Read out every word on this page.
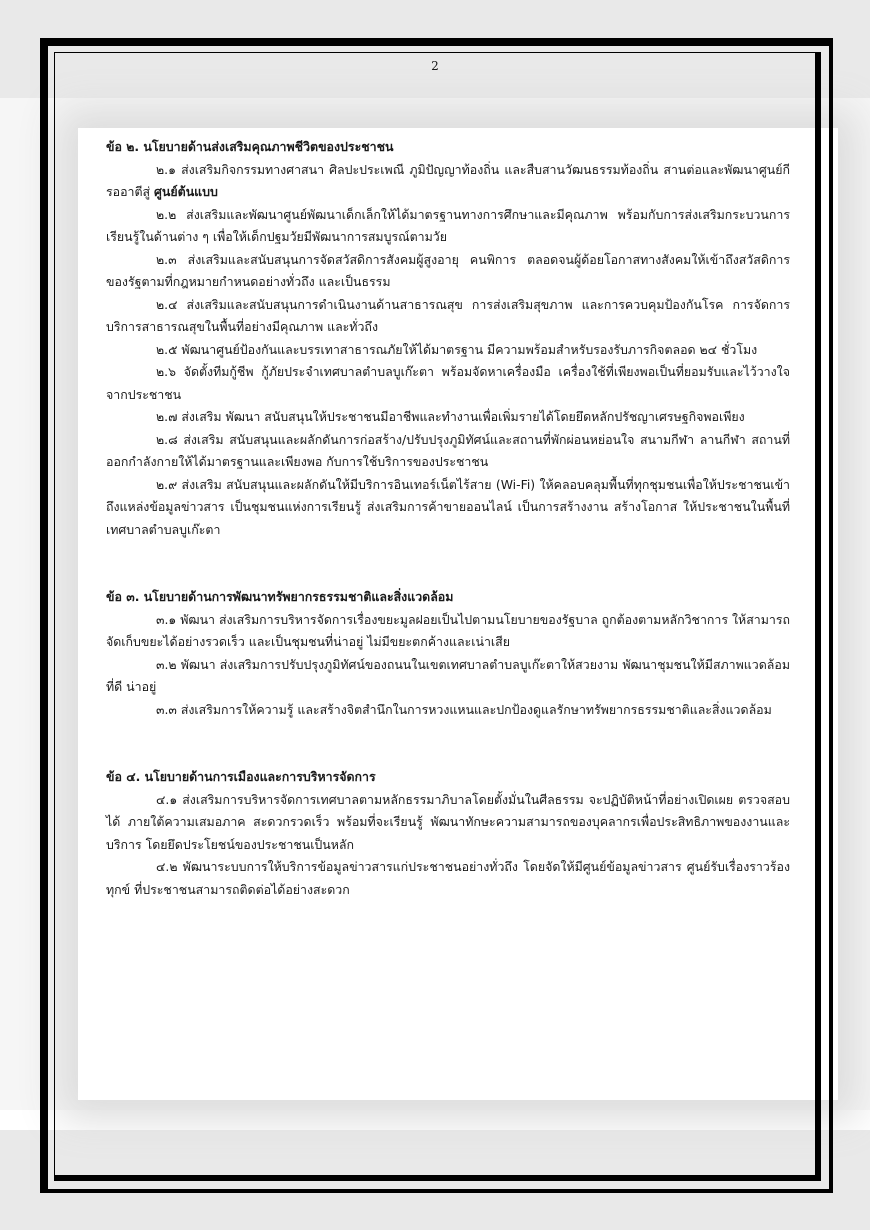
2

ข้อ ๒. นโยบายด้านส่งเสริมคุณภาพชีวิตของประชาชน

๒.๑ ส่งเสริมกิจกรรมทางศาสนา ศิลปะประเพณี ภูมิปัญญาท้องถิ่น และสืบสานวัฒนธรรมท้องถิ่น สานต่อและพัฒนาศูนย์กีรออาตีสู่ ศูนย์ต้นแบบ

๒.๒ ส่งเสริมและพัฒนาศูนย์พัฒนาเด็กเล็กให้ได้มาตรฐานทางการศึกษาและมีคุณภาพ พร้อมกับการส่งเสริมกระบวนการเรียนรู้ในด้านต่าง ๆ เพื่อให้เด็กปฐมวัยมีพัฒนาการสมบูรณ์ตามวัย

๒.๓ ส่งเสริมและสนับสนุนการจัดสวัสดิการสังคมผู้สูงอายุ คนพิการ ตลอดจนผู้ด้อยโอกาสทางสังคมให้เข้าถึงสวัสดิการของรัฐตามที่กฎหมายกำหนดอย่างทั่วถึง และเป็นธรรม

๒.๔ ส่งเสริมและสนับสนุนการดำเนินงานด้านสาธารณสุข การส่งเสริมสุขภาพ และการควบคุมป้องกันโรค การจัดการบริการสาธารณสุขในพื้นที่อย่างมีคุณภาพ และทั่วถึง

๒.๕ พัฒนาศูนย์ป้องกันและบรรเทาสาธารณภัยให้ได้มาตรฐาน มีความพร้อมสำหรับรองรับภารกิจตลอด ๒๔ ชั่วโมง

๒.๖ จัดตั้งทีมกู้ชีพ กู้ภัยประจำเทศบาลตำบลบูเก๊ะตา พร้อมจัดหาเครื่องมือ เครื่องใช้ที่เพียงพอเป็นที่ยอมรับและไว้วางใจจากประชาชน

๒.๗ ส่งเสริม พัฒนา สนับสนุนให้ประชาชนมีอาชีพและทำงานเพื่อเพิ่มรายได้โดยยึดหลักปรัชญาเศรษฐกิจพอเพียง

๒.๘ ส่งเสริม สนับสนุนและผลักดันการก่อสร้าง/ปรับปรุงภูมิทัศน์และสถานที่พักผ่อนหย่อนใจ สนามกีฬา ลานกีฬา สถานที่ออกกำลังกายให้ได้มาตรฐานและเพียงพอ กับการใช้บริการของประชาชน

๒.๙ ส่งเสริม สนับสนุนและผลักดันให้มีบริการอินเทอร์เน็ตไร้สาย (Wi-Fi) ให้คลอบคลุมพื้นที่ทุกชุมชนเพื่อให้ประชาชนเข้าถึงแหล่งข้อมูลข่าวสาร เป็นชุมชนแห่งการเรียนรู้ ส่งเสริมการค้าขายออนไลน์ เป็นการสร้างงาน สร้างโอกาส ให้ประชาชนในพื้นที่เทศบาลตำบลบูเก๊ะตา

ข้อ ๓. นโยบายด้านการพัฒนาทรัพยากรธรรมชาติและสิ่งแวดล้อม

๓.๑ พัฒนา ส่งเสริมการบริหารจัดการเรื่องขยะมูลฝอยเป็นไปตามนโยบายของรัฐบาล ถูกต้องตามหลักวิชาการ ให้สามารถจัดเก็บขยะได้อย่างรวดเร็ว และเป็นชุมชนที่น่าอยู่ ไม่มีขยะตกค้างและเน่าเสีย

๓.๒ พัฒนา ส่งเสริมการปรับปรุงภูมิทัศน์ของถนนในเขตเทศบาลตำบลบูเก๊ะตาให้สวยงาม พัฒนาชุมชนให้มีสภาพแวดล้อมที่ดี น่าอยู่

๓.๓ ส่งเสริมการให้ความรู้ และสร้างจิตสำนึกในการหวงแหนและปกป้องดูแลรักษาทรัพยากรธรรมชาติและสิ่งแวดล้อม

ข้อ ๔. นโยบายด้านการเมืองและการบริหารจัดการ

๔.๑ ส่งเสริมการบริหารจัดการเทศบาลตามหลักธรรมาภิบาลโดยตั้งมั่นในศีลธรรม จะปฏิบัติหน้าที่อย่างเปิดเผย ตรวจสอบได้ ภายใต้ความเสมอภาค สะดวกรวดเร็ว พร้อมที่จะเรียนรู้ พัฒนาทักษะความสามารถของบุคลากรเพื่อประสิทธิภาพของงานและบริการ โดยยึดประโยชน์ของประชาชนเป็นหลัก

๔.๒ พัฒนาระบบการให้บริการข้อมูลข่าวสารแก่ประชาชนอย่างทั่วถึง โดยจัดให้มีศูนย์ข้อมูลข่าวสาร ศูนย์รับเรื่องราวร้องทุกข์ ที่ประชาชนสามารถติดต่อได้อย่างสะดวก
